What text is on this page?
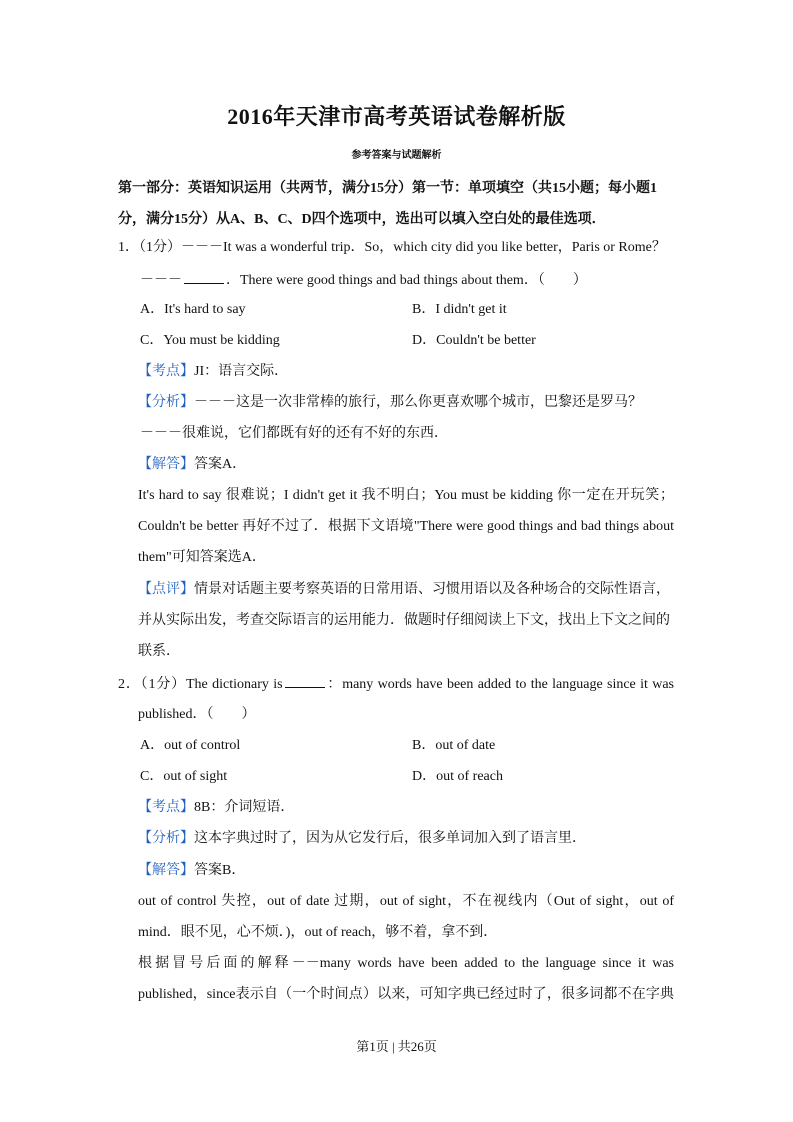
2016年天津市高考英语试卷解析版
参考答案与试题解析
第一部分：英语知识运用（共两节，满分15分）第一节：单项填空（共15小题；每小题1分，满分15分）从A、B、C、D四个选项中，选出可以填入空白处的最佳选项．
1．（1分）－－－It was a wonderful trip．So，which city did you like better，Paris or Rome？
－－－	．There were good things and bad things about them．（　　）
A．It's hard to say	B．I didn't get it
C．You must be kidding	D．Couldn't be better
【考点】JI：语言交际．
【分析】－－－这是一次非常棒的旅行，那么你更喜欢哪个城市，巴黎还是罗马？
－－－很难说，它们都既有好的还有不好的东西．
【解答】答案A．
It's hard to say 很难说；I didn't get it 我不明白；You must be kidding 你一定在开玩笑；
Couldn't be better 再好不过了．根据下文语境"There were good things and bad things about
them"可知答案选A．
【点评】情景对话题主要考察英语的日常用语、习惯用语以及各种场合的交际性语言，
并从实际出发，考查交际语言的运用能力．做题时仔细阅读上下文，找出上下文之间的
联系．
2．（1分）The dictionary is	：many words have been added to the language since it was
published．（　　）
A．out of control	B．out of date
C．out of sight	D．out of reach
【考点】8B：介词短语．
【分析】这本字典过时了，因为从它发行后，很多单词加入到了语言里．
【解答】答案B．
out of control 失控，out of date 过期，out of sight，不在视线内（Out of sight，out of
mind．眼不见，心不烦．)，out of reach，够不着，拿不到．
根据冒号后面的解释－－many words have been added to the language since it was
published，since表示自（一个时间点）以来，可知字典已经过时了，很多词都不在字典
第1页 | 共26页
